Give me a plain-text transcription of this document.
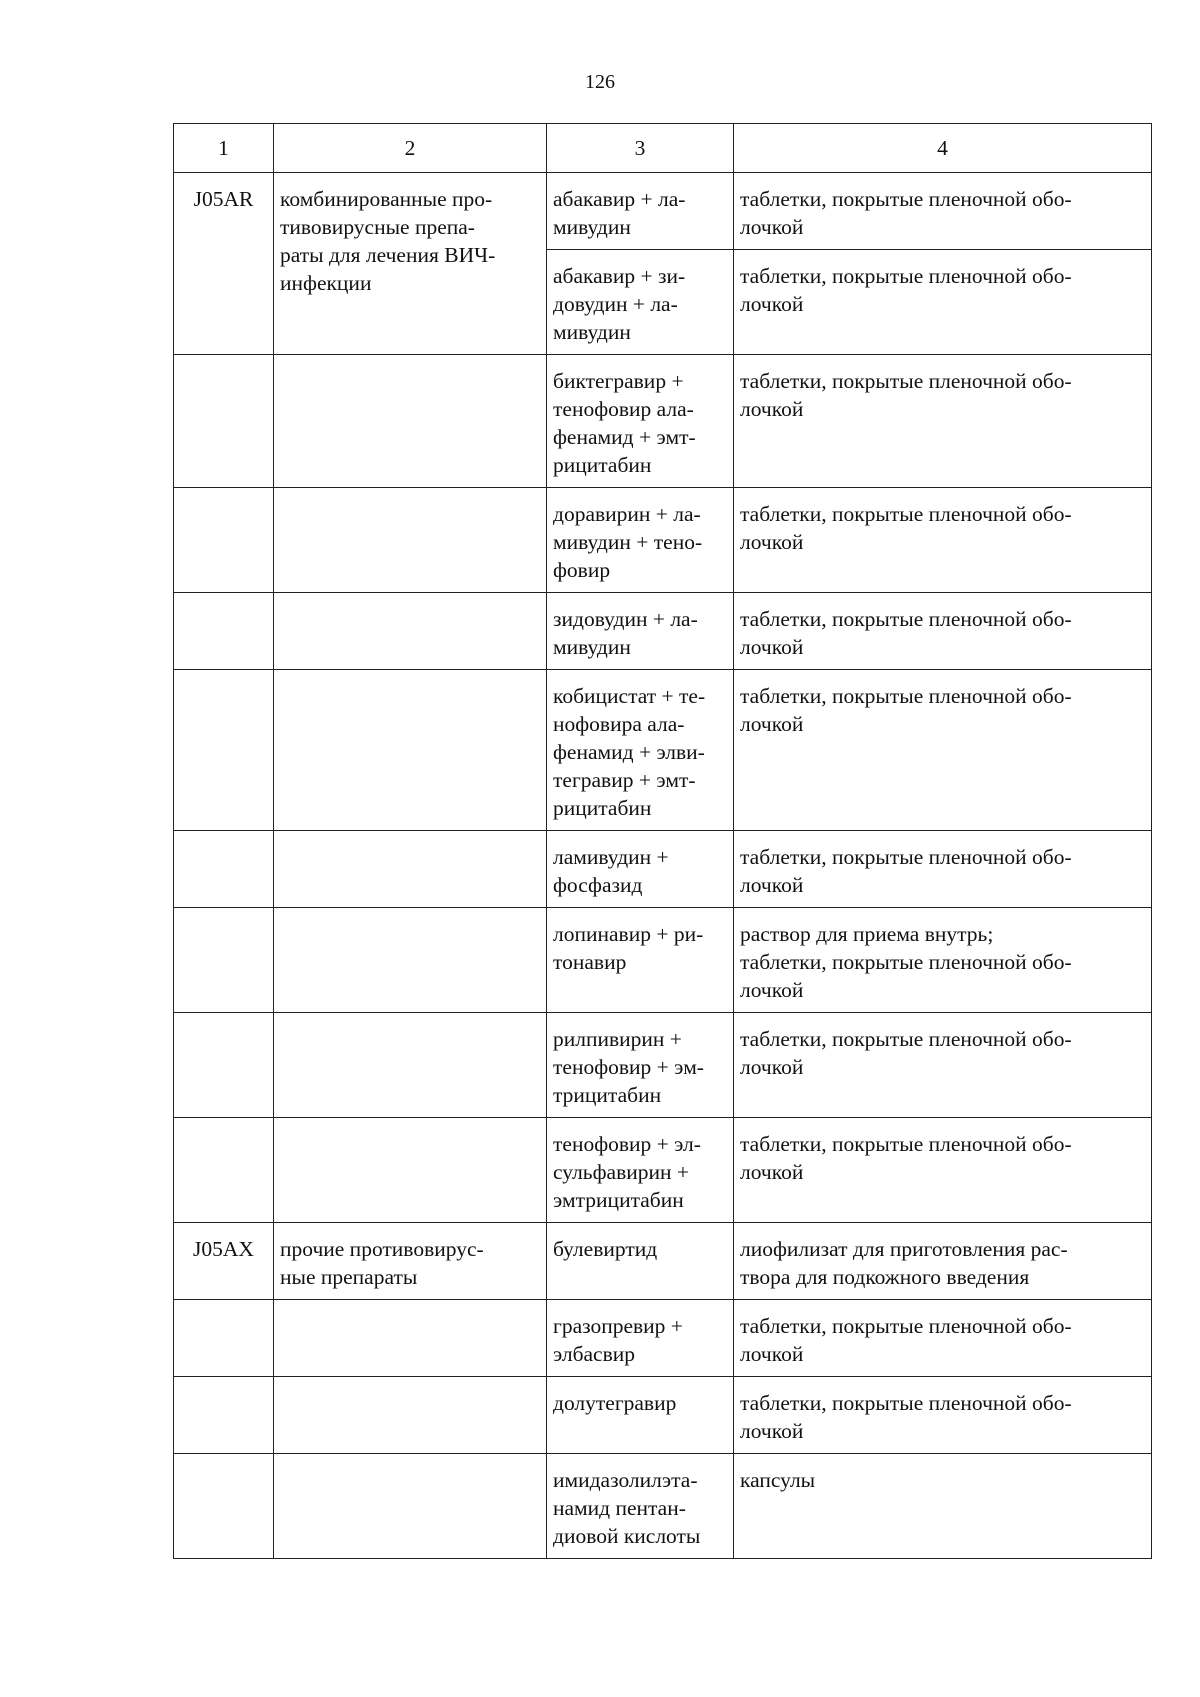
126
1	2	3	4
J05AR	комбинированные про-
тивовирусные препа-
раты для лечения ВИЧ-
инфекции	абакавир + ла-
мивудин	таблетки, покрытые пленочной обо-
лочкой
		абакавир + зи-
довудин + ла-
мивудин	таблетки, покрытые пленочной обо-
лочкой
		биктегравир +
тенофовир ала-
фенамид + эмт-
рицитабин	таблетки, покрытые пленочной обо-
лочкой
		доравирин + ла-
мивудин + тено-
фовир	таблетки, покрытые пленочной обо-
лочкой
		зидовудин + ла-
мивудин	таблетки, покрытые пленочной обо-
лочкой
		кобицистат + те-
нофовира ала-
фенамид + элви-
тегравир + эмт-
рицитабин	таблетки, покрытые пленочной обо-
лочкой
		ламивудин +
фосфазид	таблетки, покрытые пленочной обо-
лочкой
		лопинавир + ри-
тонавир	раствор для приема внутрь;
таблетки, покрытые пленочной обо-
лочкой
		рилпивирин +
тенофовир + эм-
трицитабин	таблетки, покрытые пленочной обо-
лочкой
		тенофовир + эл-
сульфавирин +
эмтрицитабин	таблетки, покрытые пленочной обо-
лочкой
J05AX	прочие противовирус-
ные препараты	булевиртид	лиофилизат для приготовления рас-
твора для подкожного введения
		гразопревир +
элбасвир	таблетки, покрытые пленочной обо-
лочкой
		долутегравир	таблетки, покрытые пленочной обо-
лочкой
		имидазолилэта-
намид пентан-
диовой кислоты	капсулы
